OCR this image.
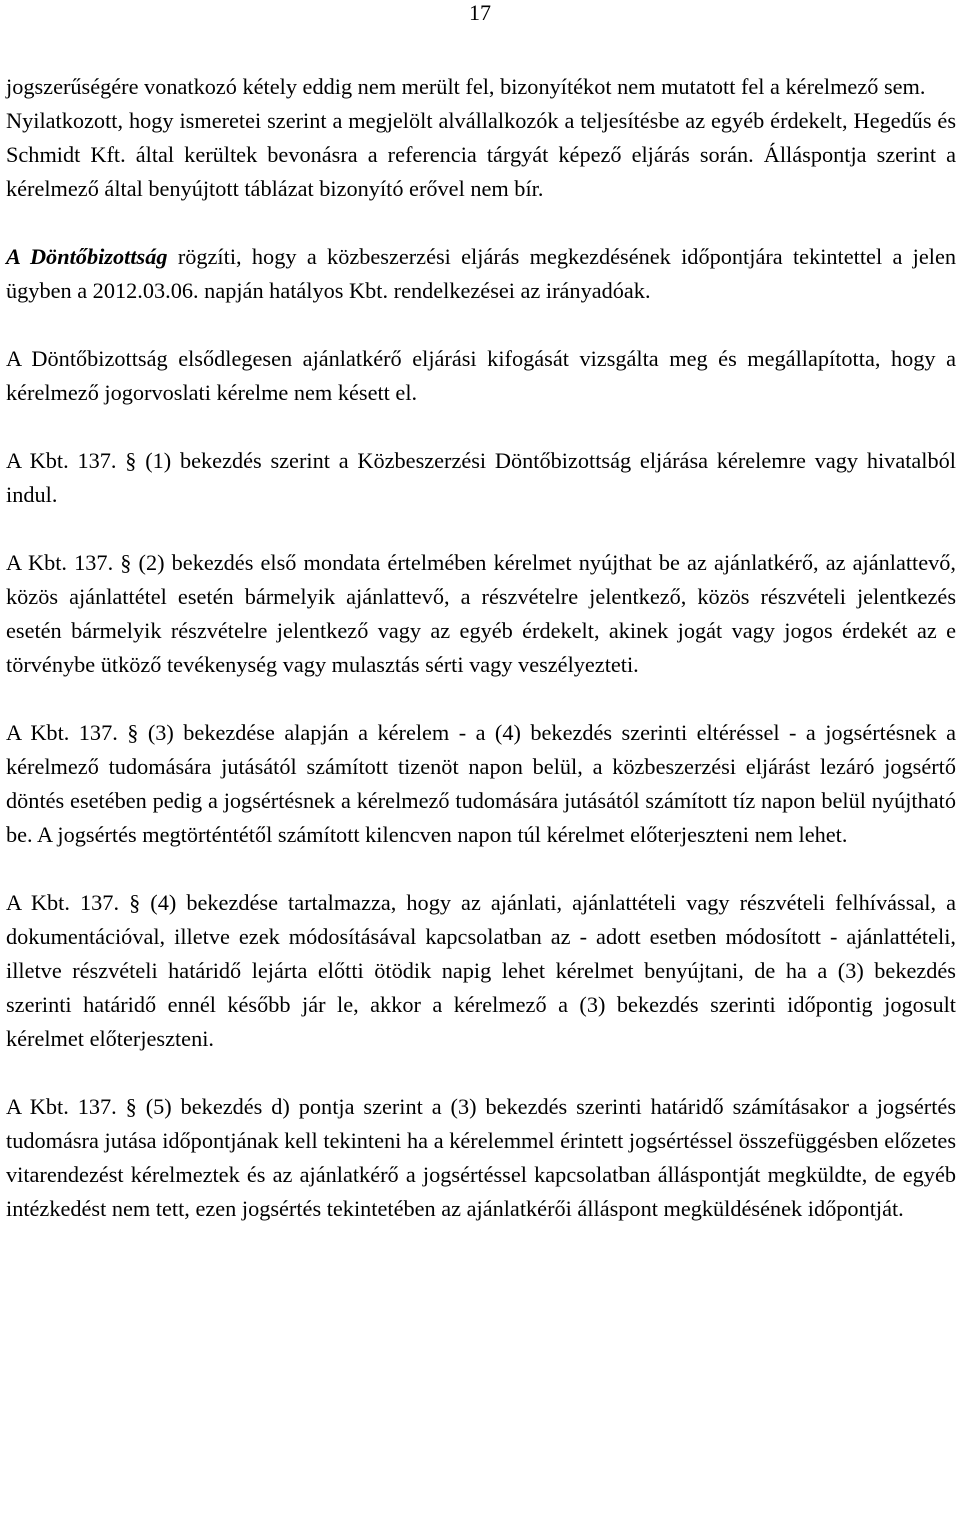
17

jogszerűségére vonatkozó kétely eddig nem merült fel, bizonyítékot nem mutatott fel a kérelmező sem.

Nyilatkozott, hogy ismeretei szerint a megjelölt alvállalkozók a teljesítésbe az egyéb érdekelt, Hegedűs és Schmidt Kft. által kerültek bevonásra a referencia tárgyát képező eljárás során. Álláspontja szerint a kérelmező által benyújtott táblázat bizonyító erővel nem bír.

A Döntőbizottság rögzíti, hogy a közbeszerzési eljárás megkezdésének időpontjára tekintettel a jelen ügyben a 2012.03.06. napján hatályos Kbt. rendelkezései az irányadóak.

A Döntőbizottság elsődlegesen ajánlatkérő eljárási kifogását vizsgálta meg és megállapította, hogy a kérelmező jogorvoslati kérelme nem késett el.

A Kbt. 137. § (1) bekezdés szerint a Közbeszerzési Döntőbizottság eljárása kérelemre vagy hivatalból indul.

A Kbt. 137. § (2) bekezdés első mondata értelmében kérelmet nyújthat be az ajánlatkérő, az ajánlattevő, közös ajánlattétel esetén bármelyik ajánlattevő, a részvételre jelentkező, közös részvételi jelentkezés esetén bármelyik részvételre jelentkező vagy az egyéb érdekelt, akinek jogát vagy jogos érdekét az e törvénybe ütköző tevékenység vagy mulasztás sérti vagy veszélyezteti.

A Kbt. 137. § (3) bekezdése alapján a kérelem - a (4) bekezdés szerinti eltéréssel - a jogsértésnek a kérelmező tudomására jutásától számított tizenöt napon belül, a közbeszerzési eljárást lezáró jogsértő döntés esetében pedig a jogsértésnek a kérelmező tudomására jutásától számított tíz napon belül nyújtható be. A jogsértés megtörténtétől számított kilencven napon túl kérelmet előterjeszteni nem lehet.

A Kbt. 137. § (4) bekezdése tartalmazza, hogy az ajánlati, ajánlattételi vagy részvételi felhívással, a dokumentációval, illetve ezek módosításával kapcsolatban az - adott esetben módosított - ajánlattételi, illetve részvételi határidő lejárta előtti ötödik napig lehet kérelmet benyújtani, de ha a (3) bekezdés szerinti határidő ennél később jár le, akkor a kérelmező a (3) bekezdés szerinti időpontig jogosult kérelmet előterjeszteni.

A Kbt. 137. § (5) bekezdés d) pontja szerint a (3) bekezdés szerinti határidő számításakor a jogsértés tudomásra jutása időpontjának kell tekinteni ha a kérelemmel érintett jogsértéssel összefüggésben előzetes vitarendezést kérelmeztek és az ajánlatkérő a jogsértéssel kapcsolatban álláspontját megküldte, de egyéb intézkedést nem tett, ezen jogsértés tekintetében az ajánlatkérői álláspont megküldésének időpontját.
